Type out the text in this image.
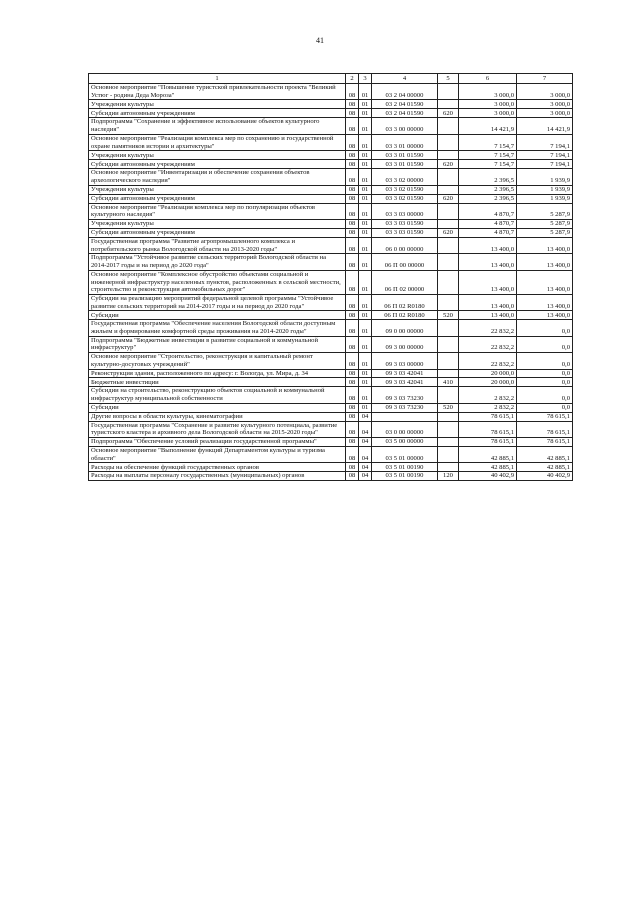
41
1	2	3	4	5	6	7
Основное мероприятие "Повышение туристской привлекательности проекта "Великий Устюг - родина Деда Мороза"	08	01	03 2 04 00000		3 000,0	3 000,0
Учреждения культуры	08	01	03 2 04 01590		3 000,0	3 000,0
Субсидии автономным учреждениям	08	01	03 2 04 01590	620	3 000,0	3 000,0
Подпрограмма "Сохранение и эффективное использование объектов культурного наследия"	08	01	03 3 00 00000		14 421,9	14 421,9
Основное мероприятие "Реализация комплекса мер по сохранению и государственной охране памятников истории и архитектуры"	08	01	03 3 01 00000		7 154,7	7 194,1
Учреждения культуры	08	01	03 3 01 01590		7 154,7	7 194,1
Субсидии автономным учреждениям	08	01	03 3 01 01590	620	7 154,7	7 194,1
Основное мероприятие "Инвентаризация и обеспечение сохранения объектов археологического наследия"	08	01	03 3 02 00000		2 396,5	1 939,9
Учреждения культуры	08	01	03 3 02 01590		2 396,5	1 939,9
Субсидии автономным учреждениям	08	01	03 3 02 01590	620	2 396,5	1 939,9
Основное мероприятие "Реализация комплекса мер по популяризации объектов культурного наследия"	08	01	03 3 03 00000		4 870,7	5 287,9
Учреждения культуры	08	01	03 3 03 01590		4 870,7	5 287,9
Субсидии автономным учреждениям	08	01	03 3 03 01590	620	4 870,7	5 287,9
Государственная программа "Развитие агропромышленного комплекса и потребительского рынка Вологодской области на 2013-2020 годы"	08	01	06 0 00 00000		13 400,0	13 400,0
Подпрограмма "Устойчивое развитие сельских территорий Вологодской области на 2014-2017 годы и на период до 2020 года"	08	01	06 П 00 00000		13 400,0	13 400,0
Основное мероприятие "Комплексное обустройство объектами социальной и инженерной инфраструктур населенных пунктов, расположенных в сельской местности, строительство и реконструкция автомобильных дорог"	08	01	06 П 02 00000		13 400,0	13 400,0
Субсидии на реализацию мероприятий федеральной целевой программы "Устойчивое развитие сельских территорий на 2014-2017 годы и на период до 2020 года"	08	01	06 П 02 R0180		13 400,0	13 400,0
Субсидии	08	01	06 П 02 R0180	520	13 400,0	13 400,0
Государственная программа "Обеспечение населения Вологодской области доступным жильем и формирование комфортной среды проживания на 2014-2020 годы"	08	01	09 0 00 00000		22 832,2	0,0
Подпрограмма "Бюджетные инвестиции в развитие социальной и коммунальной инфраструктур"	08	01	09 3 00 00000		22 832,2	0,0
Основное мероприятие "Строительство, реконструкция и капитальный ремонт культурно-досуговых учреждений"	08	01	09 3 03 00000		22 832,2	0,0
Реконструкция здания, расположенного по адресу: г. Вологда, ул. Мира, д. 34	08	01	09 3 03 42041		20 000,0	0,0
Бюджетные инвестиции	08	01	09 3 03 42041	410	20 000,0	0,0
Субсидии на строительство, реконструкцию объектов социальной и коммунальной инфраструктур муниципальной собственности	08	01	09 3 03 73230		2 832,2	0,0
Субсидии	08	01	09 3 03 73230	520	2 832,2	0,0
Другие вопросы в области культуры, кинематографии	08	04			78 615,1	78 615,1
Государственная программа "Сохранение и развитие культурного потенциала, развитие туристского кластера и архивного дела Вологодской области на 2015-2020 годы"	08	04	03 0 00 00000		78 615,1	78 615,1
Подпрограмма "Обеспечение условий реализации государственной программы"	08	04	03 5 00 00000		78 615,1	78 615,1
Основное мероприятие "Выполнение функций Департаментом культуры и туризма области"	08	04	03 5 01 00000		42 885,1	42 885,1
Расходы на обеспечение функций государственных органов	08	04	03 5 01 00190		42 885,1	42 885,1
Расходы на выплаты персоналу государственных (муниципальных) органов	08	04	03 5 01 00190	120	40 402,9	40 402,9
